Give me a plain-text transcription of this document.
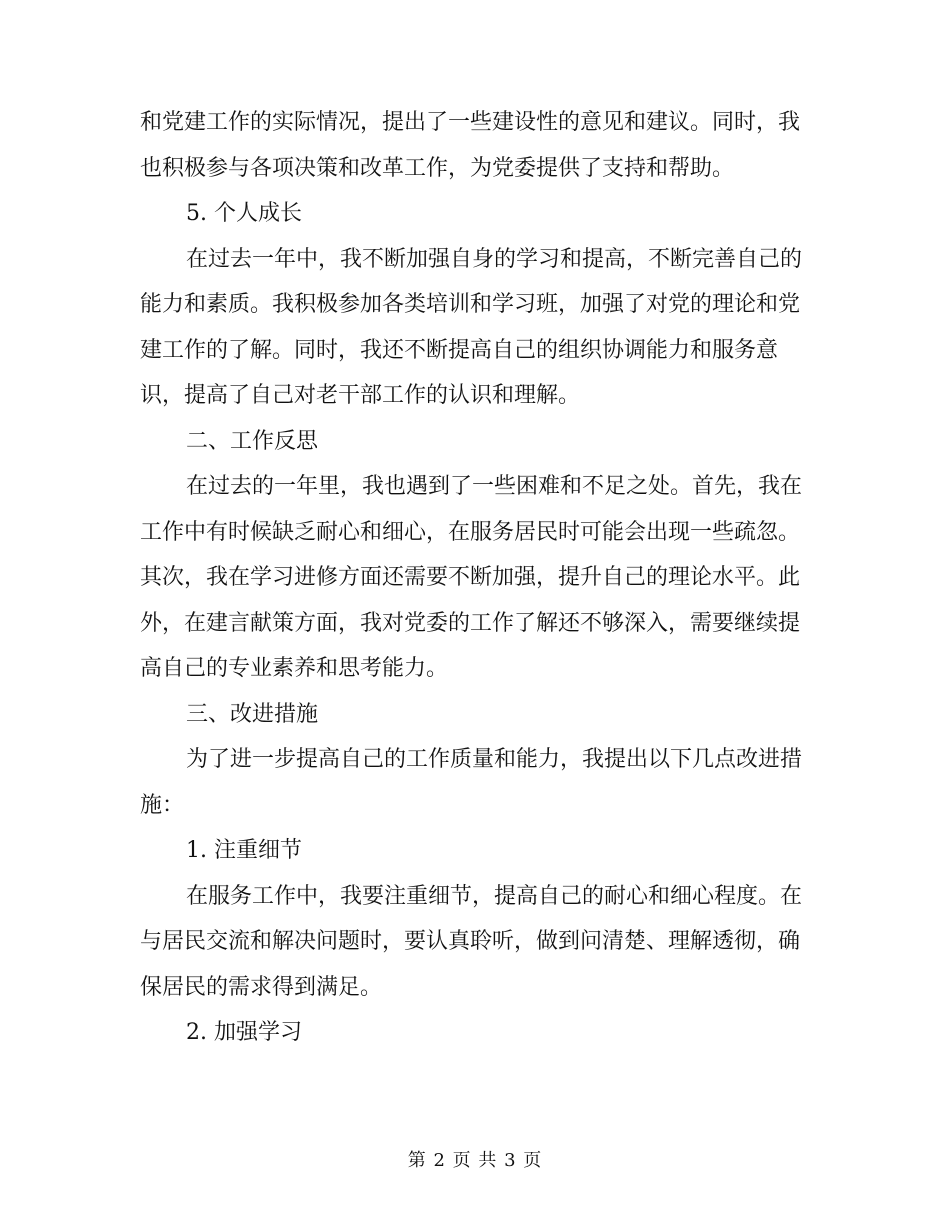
和党建工作的实际情况，提出了一些建设性的意见和建议。同时，我也积极参与各项决策和改革工作，为党委提供了支持和帮助。

5. 个人成长

在过去一年中，我不断加强自身的学习和提高，不断完善自己的能力和素质。我积极参加各类培训和学习班，加强了对党的理论和党建工作的了解。同时，我还不断提高自己的组织协调能力和服务意识，提高了自己对老干部工作的认识和理解。

二、工作反思

在过去的一年里，我也遇到了一些困难和不足之处。首先，我在工作中有时候缺乏耐心和细心，在服务居民时可能会出现一些疏忽。其次，我在学习进修方面还需要不断加强，提升自己的理论水平。此外，在建言献策方面，我对党委的工作了解还不够深入，需要继续提高自己的专业素养和思考能力。

三、改进措施

为了进一步提高自己的工作质量和能力，我提出以下几点改进措施：

1. 注重细节

在服务工作中，我要注重细节，提高自己的耐心和细心程度。在与居民交流和解决问题时，要认真聆听，做到问清楚、理解透彻，确保居民的需求得到满足。

2. 加强学习

第 2 页 共 3 页
